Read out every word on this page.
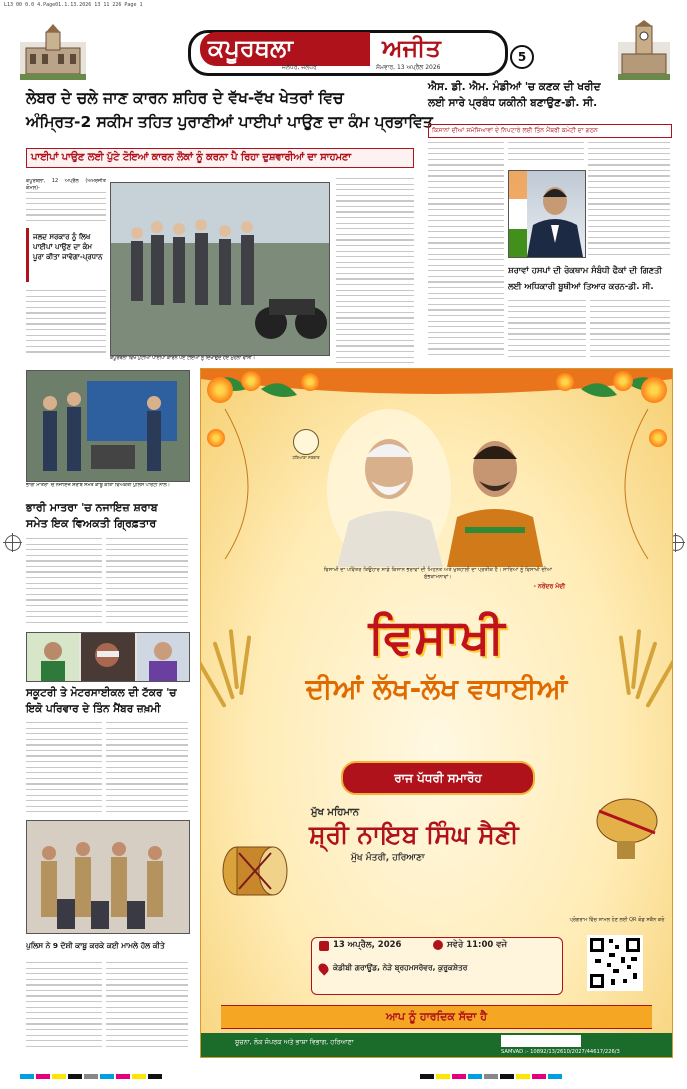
L13 00 0.0 4.Page01.1.13.2026 13 11 226 Page 1
ਕਪੂਰਥਲਾ	ਅਜੀਤ
ਜਲੰਧਰ, ਜਲੰਧਰ	ਸੋਮਵਾਰ, 13 ਅਪ੍ਰੈਲ 2026
5
ਲੇਬਰ ਦੇ ਚਲੇ ਜਾਣ ਕਾਰਨ ਸ਼ਹਿਰ ਦੇ ਵੱਖ-ਵੱਖ ਖੇਤਰਾਂ ਵਿਚ
ਅੰਮ੍ਰਿਤ-2 ਸਕੀਮ ਤਹਿਤ ਪੁਰਾਣੀਆਂ ਪਾਈਪਾਂ ਪਾਉਣ ਦਾ ਕੰਮ ਪ੍ਰਭਾਵਿਤ
ਪਾਈਪਾਂ ਪਾਉਣ ਲਈ ਪੁੱਟੇ ਟੋਇਆਂ ਕਾਰਨ ਲੋਕਾਂ ਨੂੰ ਕਰਨਾ ਪੈ ਰਿਹਾ ਦੁਸ਼ਵਾਰੀਆਂ ਦਾ ਸਾਹਮਣਾ

ਕਪੂਰਥਲਾ, 12 ਅਪ੍ਰੈਲ (ਅਮਰਜੀਤ ਕੋਮਲ)-

ਜਲਦ ਸਰਕਾਰ ਨੂੰ ਲਿਖ ਪਾਈਪਾਂ ਪਾਉਣ ਦਾ ਕੰਮ ਪੂਰਾ ਕੀਤਾ ਜਾਵੇਗਾ-ਪ੍ਰਧਾਨ
ਕਪੂਰਥਲਾ ਵਿਖੇ ਪੁੱਟੀਆਂ ਪਾਈਪਾਂ ਕਾਰਨ ਪਏ ਟੋਇਆਂ ਨੂੰ ਦਿਖਾਉਂਦੇ ਹੋਏ ਮੁਹੱਲਾ ਵਾਸੀ।
ਐਸ. ਡੀ. ਐਮ. ਮੰਡੀਆਂ 'ਚ ਕਣਕ ਦੀ ਖਰੀਦ
ਲਈ ਸਾਰੇ ਪ੍ਰਬੰਧ ਯਕੀਨੀ ਬਣਾਉਣ-ਡੀ. ਸੀ.
ਕਿਸਾਨਾਂ ਦੀਆਂ ਸਮੱਸਿਆਵਾਂ ਦੇ ਨਿਪਟਾਰੇ ਲਈ ਤਿੰਨ ਮੈਂਬਰੀ ਕਮੇਟੀ ਦਾ ਗਠਨ
ਸ਼ਰਾਵਾਂ ਹਸਪਾਂ ਦੀ ਰੋਕਥਾਮ ਸੰਬੰਧੀ ਫੈਕਾਂ ਦੀ ਗਿਣਤੀ
ਲਈ ਅਧਿਕਾਰੀ ਬੂਥੀਆਂ ਤਿਆਰ ਕਰਨ-ਡੀ. ਸੀ.
ਭਾਰੀ ਮਾਤਰਾ 'ਚ ਨਜਾਇਜ਼ ਸ਼ਰਾਬ ਸਮੇਤ ਕਾਬੂ ਕੀਤਾ ਵਿਅਕਤੀ ਪੁਲਿਸ ਪਾਰਟੀ ਨਾਲ।
ਭਾਰੀ ਮਾਤਰਾ 'ਚ ਨਜਾਇਜ਼ ਸ਼ਰਾਬ
ਸਮੇਤ ਇਕ ਵਿਅਕਤੀ ਗ੍ਰਿਫ਼ਤਾਰ
ਸਕੂਟਰੀ ਤੇ ਮੋਟਰਸਾਈਕਲ ਦੀ ਟੱਕਰ 'ਚ
ਇਕੋ ਪਰਿਵਾਰ ਦੇ ਤਿੰਨ ਮੈਂਬਰ ਜ਼ਖ਼ਮੀ
ਪੁਲਿਸ ਨੇ 9 ਦੋਸ਼ੀ ਕਾਬੂ ਕਰਕੇ ਕਈ ਮਾਮਲੇ ਹੱਲ ਕੀਤੇ
ਹਰਿਆਣਾ ਸਰਕਾਰ
ਵਿਸਾਖੀ ਦਾ ਪਵਿੱਤਰ ਤਿਉਹਾਰ ਸਾਡੇ ਕਿਸਾਨ ਭਰਾਵਾਂ ਦੀ ਮਿਹਨਤ ਅਤੇ ਖੁਸ਼ਹਾਲੀ ਦਾ ਪ੍ਰਤੀਕ ਹੈ। ਸਾਰਿਆਂ ਨੂੰ ਵਿਸਾਖੀ ਦੀਆਂ ਸ਼ੁੱਭਕਾਮਨਾਵਾਂ।
- ਨਰੇਂਦਰ ਮੋਦੀ
ਵਿਸਾਖੀ
ਦੀਆਂ ਲੱਖ-ਲੱਖ ਵਧਾਈਆਂ
ਰਾਜ ਪੱਧਰੀ ਸਮਾਰੋਹ
ਮੁੱਖ ਮਹਿਮਾਨ
ਸ਼੍ਰੀ ਨਾਇਬ ਸਿੰਘ ਸੈਣੀ
ਮੁੱਖ ਮੰਤਰੀ, ਹਰਿਆਣਾ
13 ਅਪ੍ਰੈਲ, 2026	ਸਵੇਰੇ 11:00 ਵਜੇ
ਕੇਡੀਬੀ ਗਰਾਊਂਡ, ਨੇੜੇ ਬ੍ਰਹਮਸਰੋਵਰ, ਕੁਰੂਕਸ਼ੇਤਰ
ਪ੍ਰੋਗਰਾਮ ਵਿੱਚ ਸ਼ਾਮਲ ਹੋਣ ਲਈ QR ਕੋਡ ਸਕੈਨ ਕਰੋ
ਆਪ ਨੂੰ ਹਾਰਦਿਕ ਸੱਦਾ ਹੈ
ਸੂਚਨਾ, ਲੋਕ ਸੰਪਰਕ ਅਤੇ ਭਾਸ਼ਾ ਵਿਭਾਗ, ਹਰਿਆਣਾ
SAMVAD :- 10892/13/2610/2027/44617/226/3
